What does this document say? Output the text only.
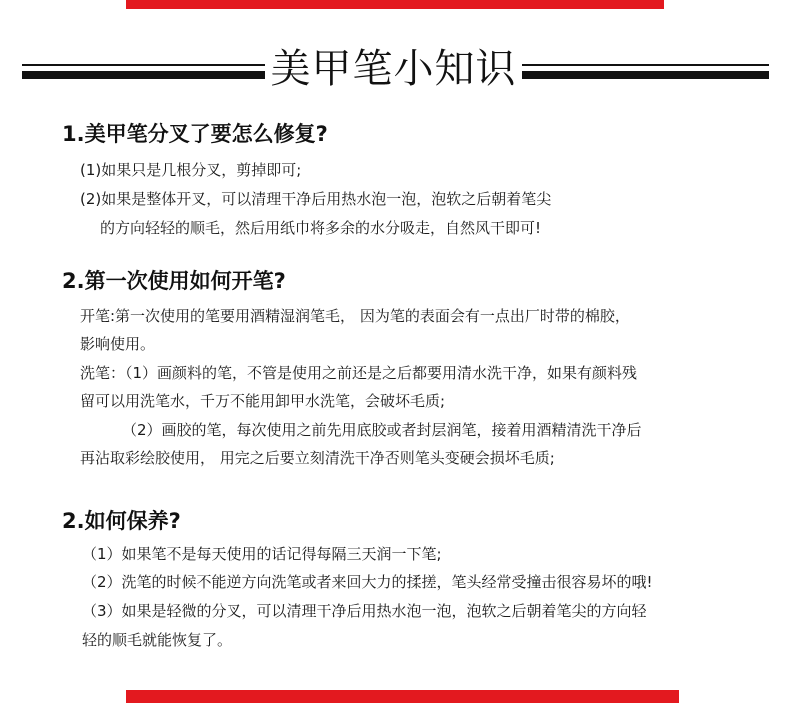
美甲笔小知识
1.美甲笔分叉了要怎么修复?
(1)如果只是几根分叉，剪掉即可;
(2)如果是整体开叉，可以清理干净后用热水泡一泡，泡软之后朝着笔尖
的方向轻轻的顺毛，然后用纸巾将多余的水分吸走，自然风干即可!
2.第一次使用如何开笔?
开笔:第一次使用的笔要用酒精湿润笔毛， 因为笔的表面会有一点出厂时带的棉胶，
影响使用。
洗笔：（1）画颜料的笔，不管是使用之前还是之后都要用清水洗干净，如果有颜料残
留可以用洗笔水，千万不能用卸甲水洗笔，会破坏毛质;
（2）画胶的笔，每次使用之前先用底胶或者封层润笔，接着用酒精清洗干净后
再沾取彩绘胶使用， 用完之后要立刻清洗干净否则笔头变硬会损坏毛质;
2.如何保养?
（1）如果笔不是每天使用的话记得每隔三天润一下笔;
（2）洗笔的时候不能逆方向洗笔或者来回大力的揉搓，笔头经常受撞击很容易坏的哦!
（3）如果是轻微的分叉，可以清理干净后用热水泡一泡，泡软之后朝着笔尖的方向轻
轻的顺毛就能恢复了。
